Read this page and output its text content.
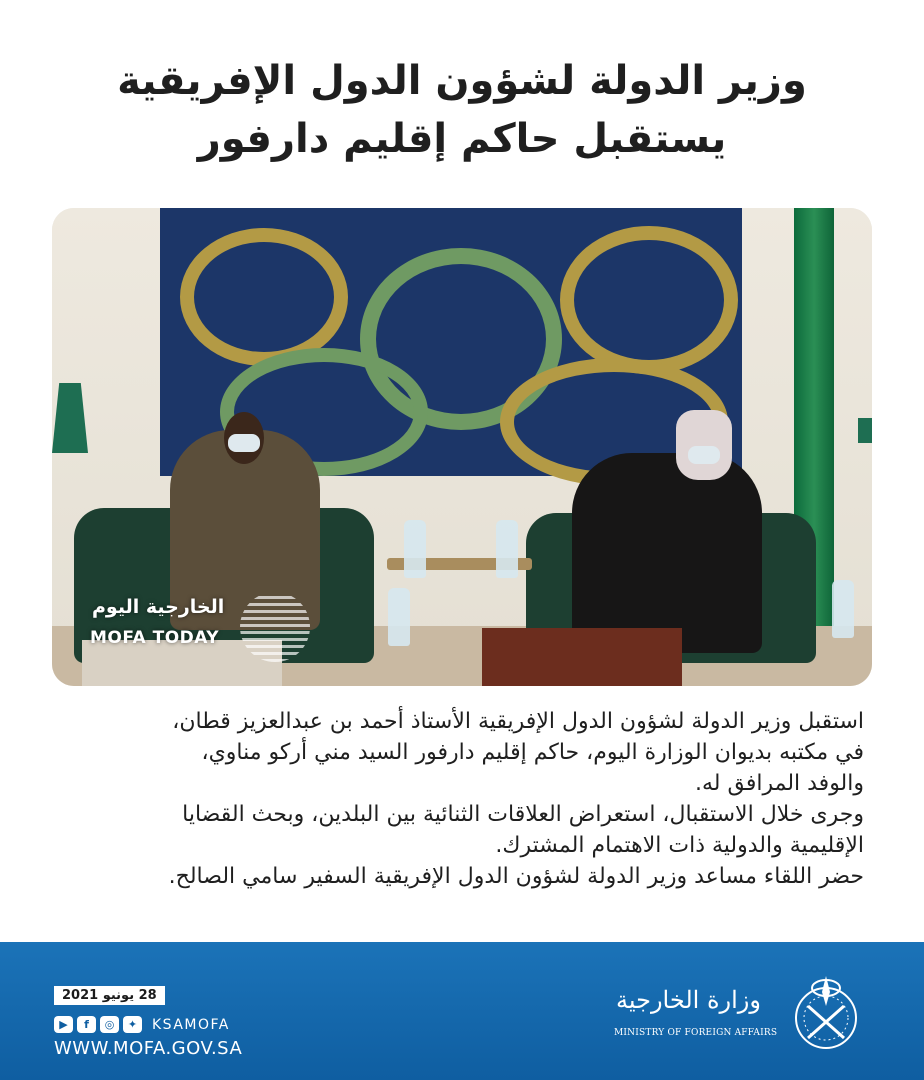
وزير الدولة لشؤون الدول الإفريقية
يستقبل حاكم إقليم دارفور
الخارجية اليوم
MOFA TODAY
استقبل وزير الدولة لشؤون الدول الإفريقية الأستاذ أحمد بن عبدالعزيز قطان،
في مكتبه بديوان الوزارة اليوم، حاكم إقليم دارفور السيد مني أركو مناوي،
والوفد المرافق له.
وجرى خلال الاستقبال، استعراض العلاقات الثنائية بين البلدين، وبحث القضايا
الإقليمية والدولية ذات الاهتمام المشترك.
حضر اللقاء مساعد وزير الدولة لشؤون الدول الإفريقية السفير سامي الصالح.
28 يونيو 2021
▶	f	◎	✦	KSAMOFA
WWW.MOFA.GOV.SA
وزارة الخارجية
MINISTRY OF FOREIGN AFFAIRS
